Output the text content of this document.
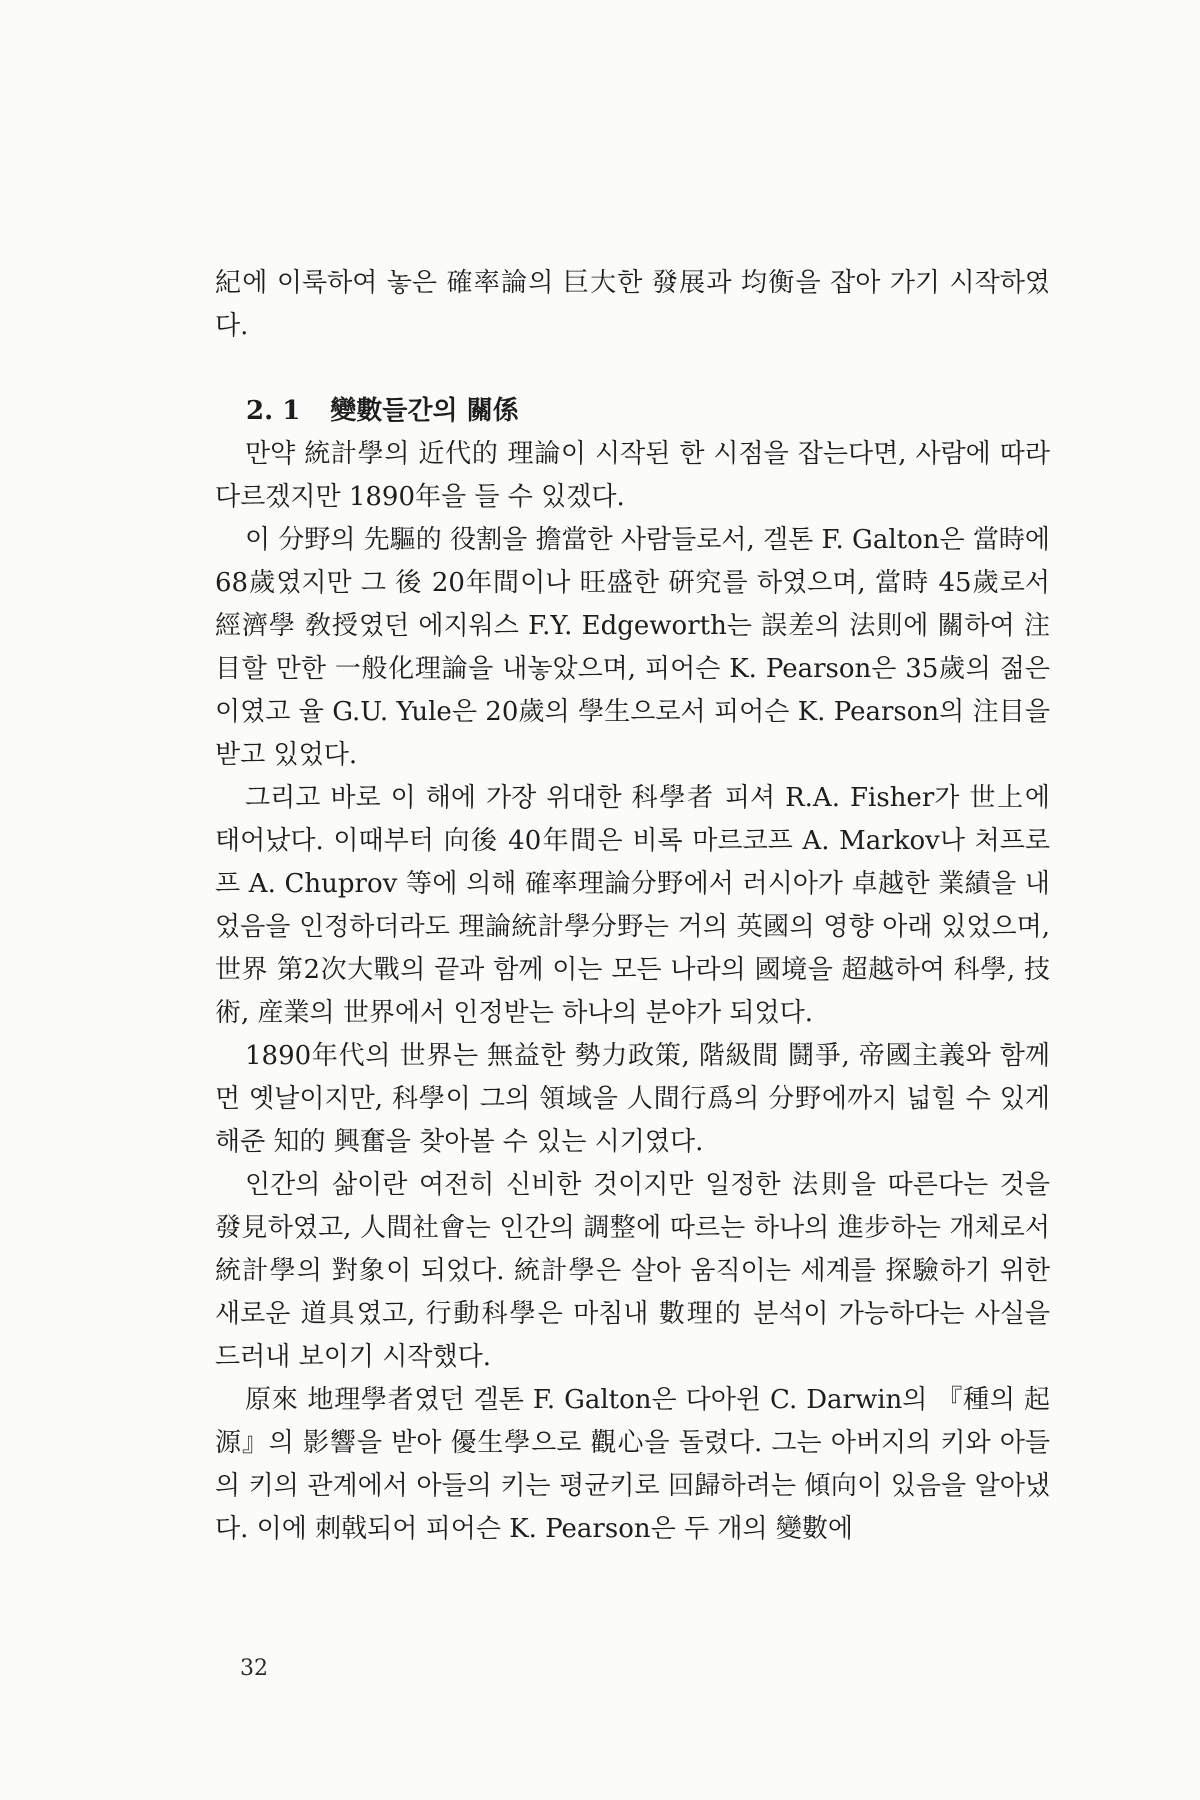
紀에 이룩하여 놓은 確率論의 巨大한 發展과 均衡을 잡아 가기 시작하였다.

2. 1 變數들간의 關係

만약 統計學의 近代的 理論이 시작된 한 시점을 잡는다면, 사람에 따라 다르겠지만 1890年을 들 수 있겠다.

이 分野의 先驅的 役割을 擔當한 사람들로서, 겔톤 F. Galton은 當時에 68歲였지만 그 後 20年間이나 旺盛한 硏究를 하였으며, 當時 45歲로서 經濟學 敎授였던 에지워스 F.Y. Edgeworth는 誤差의 法則에 關하여 注目할 만한 一般化理論을 내놓았으며, 피어슨 K. Pearson은 35歲의 젊은이였고 율 G.U. Yule은 20歲의 學生으로서 피어슨 K. Pearson의 注目을 받고 있었다.

그리고 바로 이 해에 가장 위대한 科學者 피셔 R.A. Fisher가 世上에 태어났다. 이때부터 向後 40年間은 비록 마르코프 A. Markov나 처프로프 A. Chuprov 等에 의해 確率理論分野에서 러시아가 卓越한 業績을 내었음을 인정하더라도 理論統計學分野는 거의 英國의 영향 아래 있었으며, 世界 第2次大戰의 끝과 함께 이는 모든 나라의 國境을 超越하여 科學, 技術, 産業의 世界에서 인정받는 하나의 분야가 되었다.

1890年代의 世界는 無益한 勢力政策, 階級間 鬪爭, 帝國主義와 함께 먼 옛날이지만, 科學이 그의 領域을 人間行爲의 分野에까지 넓힐 수 있게 해준 知的 興奮을 찾아볼 수 있는 시기였다.

인간의 삶이란 여전히 신비한 것이지만 일정한 法則을 따른다는 것을 發見하였고, 人間社會는 인간의 調整에 따르는 하나의 進步하는 개체로서 統計學의 對象이 되었다. 統計學은 살아 움직이는 세계를 探驗하기 위한 새로운 道具였고, 行動科學은 마침내 數理的 분석이 가능하다는 사실을 드러내 보이기 시작했다.

原來 地理學者였던 겔톤 F. Galton은 다아윈 C. Darwin의 『種의 起源』의 影響을 받아 優生學으로 觀心을 돌렸다. 그는 아버지의 키와 아들의 키의 관계에서 아들의 키는 평균키로 回歸하려는 傾向이 있음을 알아냈다. 이에 刺戟되어 피어슨 K. Pearson은 두 개의 變數에

32
